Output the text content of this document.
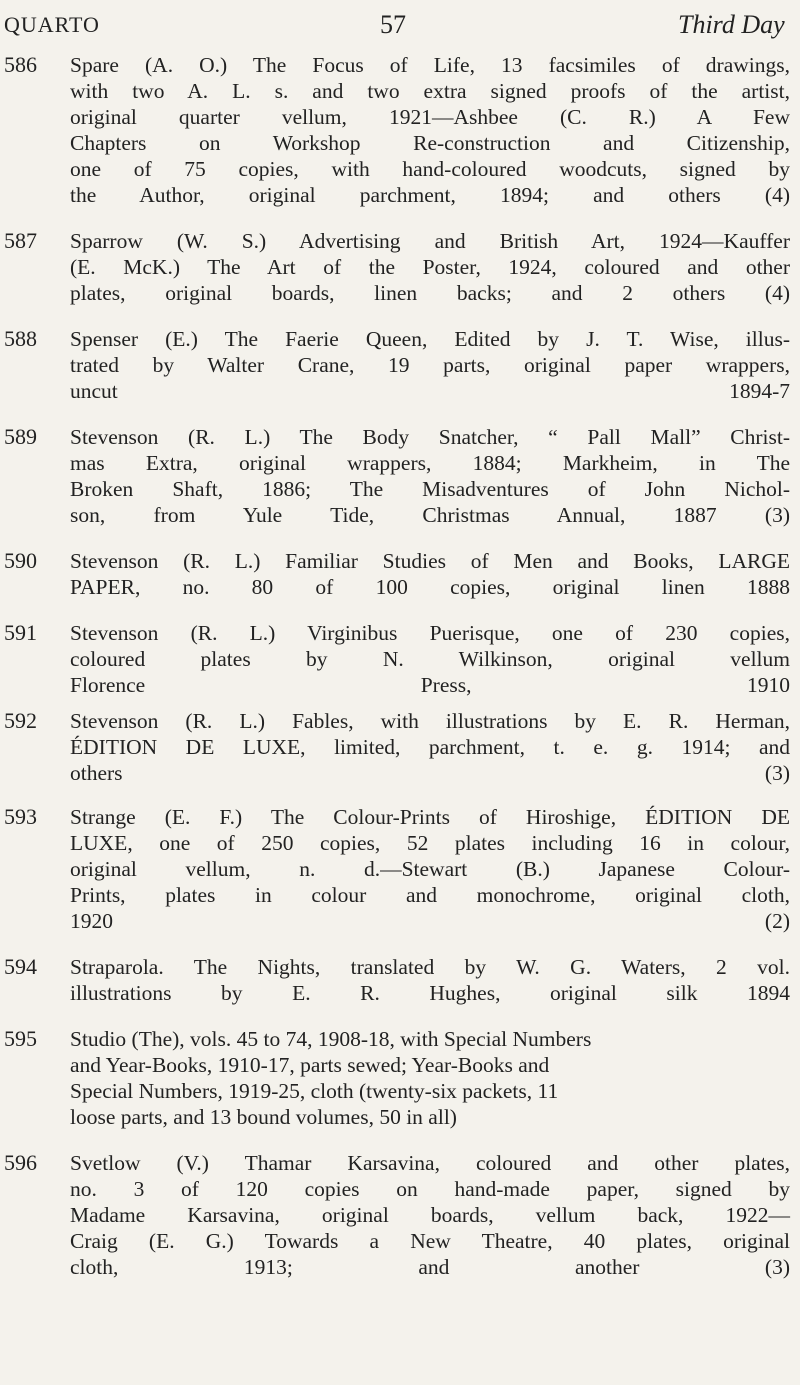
QUARTO	57	Third Day
586 Spare (A. O.) The Focus of Life, 13 facsimiles of drawings,
with two A. L. s. and two extra signed proofs of the artist,
original quarter vellum, 1921—Ashbee (C. R.) A Few
Chapters on Workshop Re-construction and Citizenship,
one of 75 copies, with hand-coloured woodcuts, signed by
the Author, original parchment, 1894; and others (4)
587 Sparrow (W. S.) Advertising and British Art, 1924—Kauffer
(E. McK.) The Art of the Poster, 1924, coloured and other
plates, original boards, linen backs; and 2 others (4)
588 Spenser (E.) The Faerie Queen, Edited by J. T. Wise, illus-
trated by Walter Crane, 19 parts, original paper wrappers,
uncut 1894-7
589 Stevenson (R. L.) The Body Snatcher, “ Pall Mall” Christ-
mas Extra, original wrappers, 1884; Markheim, in The
Broken Shaft, 1886; The Misadventures of John Nichol-
son, from Yule Tide, Christmas Annual, 1887 (3)
590 Stevenson (R. L.) Familiar Studies of Men and Books, LARGE
PAPER, no. 80 of 100 copies, original linen 1888
591 Stevenson (R. L.) Virginibus Puerisque, one of 230 copies,
coloured plates by N. Wilkinson, original vellum
Florence Press, 1910
592 Stevenson (R. L.) Fables, with illustrations by E. R. Herman,
ÉDITION DE LUXE, limited, parchment, t. e. g. 1914; and
others (3)
593 Strange (E. F.) The Colour-Prints of Hiroshige, ÉDITION DE
LUXE, one of 250 copies, 52 plates including 16 in colour,
original vellum, n. d.—Stewart (B.) Japanese Colour-
Prints, plates in colour and monochrome, original cloth,
1920 (2)
594 Straparola. The Nights, translated by W. G. Waters, 2 vol.
illustrations by E. R. Hughes, original silk 1894
595 Studio (The), vols. 45 to 74, 1908-18, with Special Numbers
and Year-Books, 1910-17, parts sewed; Year-Books and
Special Numbers, 1919-25, cloth (twenty-six packets, 11
loose parts, and 13 bound volumes, 50 in all)
596 Svetlow (V.) Thamar Karsavina, coloured and other plates,
no. 3 of 120 copies on hand-made paper, signed by
Madame Karsavina, original boards, vellum back, 1922—
Craig (E. G.) Towards a New Theatre, 40 plates, original
cloth, 1913; and another (3)
